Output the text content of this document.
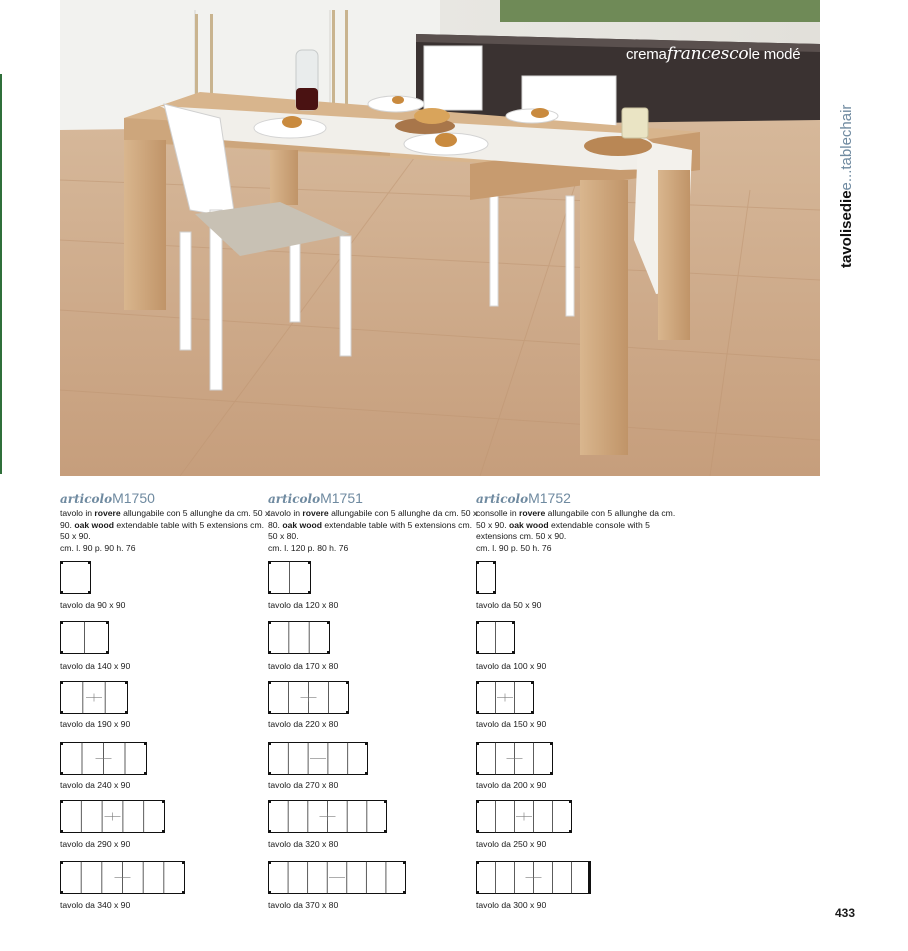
cremafrancescole modé
tavolisediee...tablechair
articoloM1750
tavolo in rovere allungabile con 5 allunghe da cm. 50 x 90. oak wood extendable table with 5 extensions cm. 50 x 90.
cm. l. 90 p. 90 h. 76
articoloM1751
tavolo in rovere allungabile con 5 allunghe da cm. 50 x 80. oak wood extendable table with 5 extensions cm. 50 x 80.
cm. l. 120 p. 80 h. 76
articoloM1752
consolle in rovere allungabile con 5 allunghe da cm. 50 x 90. oak wood extendable console with 5 extensions cm. 50 x 90.
cm. l. 90 p. 50 h. 76
tavolo da 90 x 90
tavolo da 140 x 90
tavolo da 190 x 90
tavolo da 240 x 90
tavolo da 290 x 90
tavolo da 340 x 90
tavolo da 120 x 80
tavolo da 170 x 80
tavolo da 220 x 80
tavolo da 270 x 80
tavolo da 320 x 80
tavolo da 370 x 80
tavolo da 50 x 90
tavolo da 100 x 90
tavolo da 150 x 90
tavolo da 200 x 90
tavolo da 250 x 90
tavolo da 300 x 90
433
